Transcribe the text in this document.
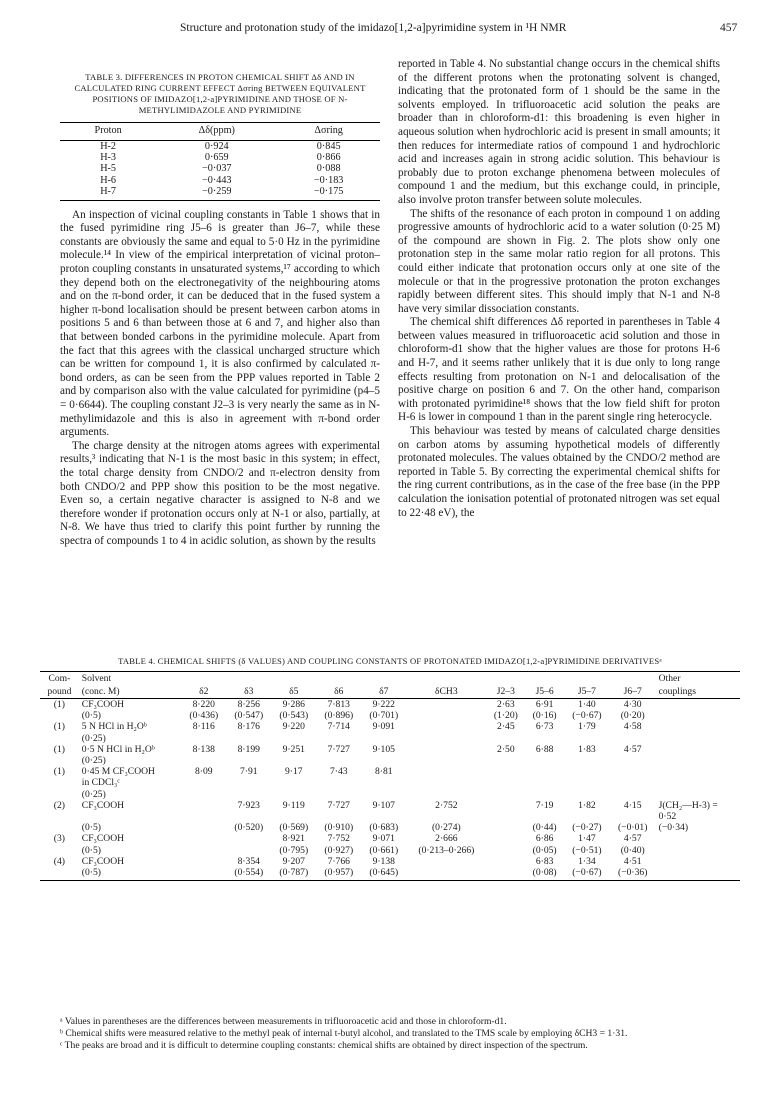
Structure and protonation study of the imidazo[1,2-a]pyrimidine system in ¹H NMR	457

TABLE 3. DIFFERENCES IN PROTON CHEMICAL SHIFT Δδ AND IN CALCULATED RING CURRENT EFFECT Δσring BETWEEN EQUIVALENT POSITIONS OF IMIDAZO[1,2-a]PYRIMIDINE AND THOSE OF N-METHYLIMIDAZOLE AND PYRIMIDINE

Proton	Δδ(ppm)	Δσring
H-2	0·924	0·845
H-3	0·659	0·866
H-5	−0·037	0·088
H-6	−0·443	−0·183
H-7	−0·259	−0·175

An inspection of vicinal coupling constants in Table 1 shows that in the fused pyrimidine ring J5–6 is greater than J6–7, while these constants are obviously the same and equal to 5·0 Hz in the pyrimidine molecule.¹⁴ In view of the empirical interpretation of vicinal proton–proton coupling constants in unsaturated systems,¹⁷ according to which they depend both on the electronegativity of the neighbouring atoms and on the π-bond order, it can be deduced that in the fused system a higher π-bond localisation should be present between carbon atoms in positions 5 and 6 than between those at 6 and 7, and higher also than that between bonded carbons in the pyrimidine molecule. Apart from the fact that this agrees with the classical uncharged structure which can be written for compound 1, it is also confirmed by calculated π-bond orders, as can be seen from the PPP values reported in Table 2 and by comparison also with the value calculated for pyrimidine (p4–5 = 0·6644). The coupling constant J2–3 is very nearly the same as in N-methylimidazole and this is also in agreement with π-bond order arguments.

The charge density at the nitrogen atoms agrees with experimental results,³ indicating that N-1 is the most basic in this system; in effect, the total charge density from CNDO/2 and π-electron density from both CNDO/2 and PPP show this position to be the most negative. Even so, a certain negative character is assigned to N-8 and we therefore wonder if protonation occurs only at N-1 or also, partially, at N-8. We have thus tried to clarify this point further by running the spectra of compounds 1 to 4 in acidic solution, as shown by the results

reported in Table 4. No substantial change occurs in the chemical shifts of the different protons when the protonating solvent is changed, indicating that the protonated form of 1 should be the same in the solvents employed. In trifluoroacetic acid solution the peaks are broader than in chloroform-d1: this broadening is even higher in aqueous solution when hydrochloric acid is present in small amounts; it then reduces for intermediate ratios of compound 1 and hydrochloric acid and increases again in strong acidic solution. This behaviour is probably due to proton exchange phenomena between molecules of compound 1 and the medium, but this exchange could, in principle, also involve proton transfer between solute molecules.

The shifts of the resonance of each proton in compound 1 on adding progressive amounts of hydrochloric acid to a water solution (0·25 M) of the compound are shown in Fig. 2. The plots show only one protonation step in the same molar ratio region for all protons. This could either indicate that protonation occurs only at one site of the molecule or that in the progressive protonation the proton exchanges rapidly between different sites. This should imply that N-1 and N-8 have very similar dissociation constants.

The chemical shift differences Δδ reported in parentheses in Table 4 between values measured in trifluoroacetic acid solution and those in chloroform-d1 show that the higher values are those for protons H-6 and H-7, and it seems rather unlikely that it is due only to long range effects resulting from protonation on N-1 and delocalisation of the positive charge on position 6 and 7. On the other hand, comparison with protonated pyrimidine¹⁸ shows that the low field shift for proton H-6 is lower in compound 1 than in the parent single ring heterocycle.

This behaviour was tested by means of calculated charge densities on carbon atoms by assuming hypothetical models of differently protonated molecules. The values obtained by the CNDO/2 method are reported in Table 5. By correcting the experimental chemical shifts for the ring current contributions, as in the case of the free base (in the PPP calculation the ionisation potential of protonated nitrogen was set equal to 22·48 eV), the

TABLE 4. CHEMICAL SHIFTS (δ VALUES) AND COUPLING CONSTANTS OF PROTONATED IMIDAZO[1,2-a]PYRIMIDINE DERIVATIVESᵃ

Com-	Solvent											Other
pound	(conc. M)	δ2	δ3	δ5	δ6	δ7	δCH3	J2–3	J5–6	J5–7	J6–7	couplings
(1)	CF₃COOH	8·220	8·256	9·286	7·813	9·222		2·63	6·91	1·40	4·30	
	(0·5)	(0·436)	(0·547)	(0·543)	(0·896)	(0·701)		(1·20)	(0·16)	(−0·67)	(0·20)	
(1)	5 N HCl in H₂Oᵇ	8·116	8·176	9·220	7·714	9·091		2·45	6·73	1·79	4·58	
	(0·25)											
(1)	0·5 N HCl in H₂Oᵇ	8·138	8·199	9·251	7·727	9·105		2·50	6·88	1·83	4·57	
	(0·25)											
(1)	0·45 M CF₃COOH	8·09	7·91	9·17	7·43	8·81						
	in CDCl₃ᶜ											
	(0·25)											
(2)	CF₃COOH		7·923	9·119	7·727	9·107	2·752		7·19	1·82	4·15	J(CH₂—H-3) =
												0·52
	(0·5)		(0·520)	(0·569)	(0·910)	(0·683)	(0·274)		(0·44)	(−0·27)	(−0·01)	(−0·34)
(3)	CF₃COOH			8·921	7·752	9·071	2·666		6·86	1·47	4·57	
	(0·5)			(0·795)	(0·927)	(0·661)	(0·213–0·266)		(0·05)	(−0·51)	(0·40)	
(4)	CF₃COOH		8·354	9·207	7·766	9·138			6·83	1·34	4·51	
	(0·5)		(0·554)	(0·787)	(0·957)	(0·645)			(0·08)	(−0·67)	(−0·36)	

ᵃ Values in parentheses are the differences between measurements in trifluoroacetic acid and those in chloroform-d1.

ᵇ Chemical shifts were measured relative to the methyl peak of internal t-butyl alcohol, and translated to the TMS scale by employing δCH3 = 1·31.

ᶜ The peaks are broad and it is difficult to determine coupling constants: chemical shifts are obtained by direct inspection of the spectrum.
